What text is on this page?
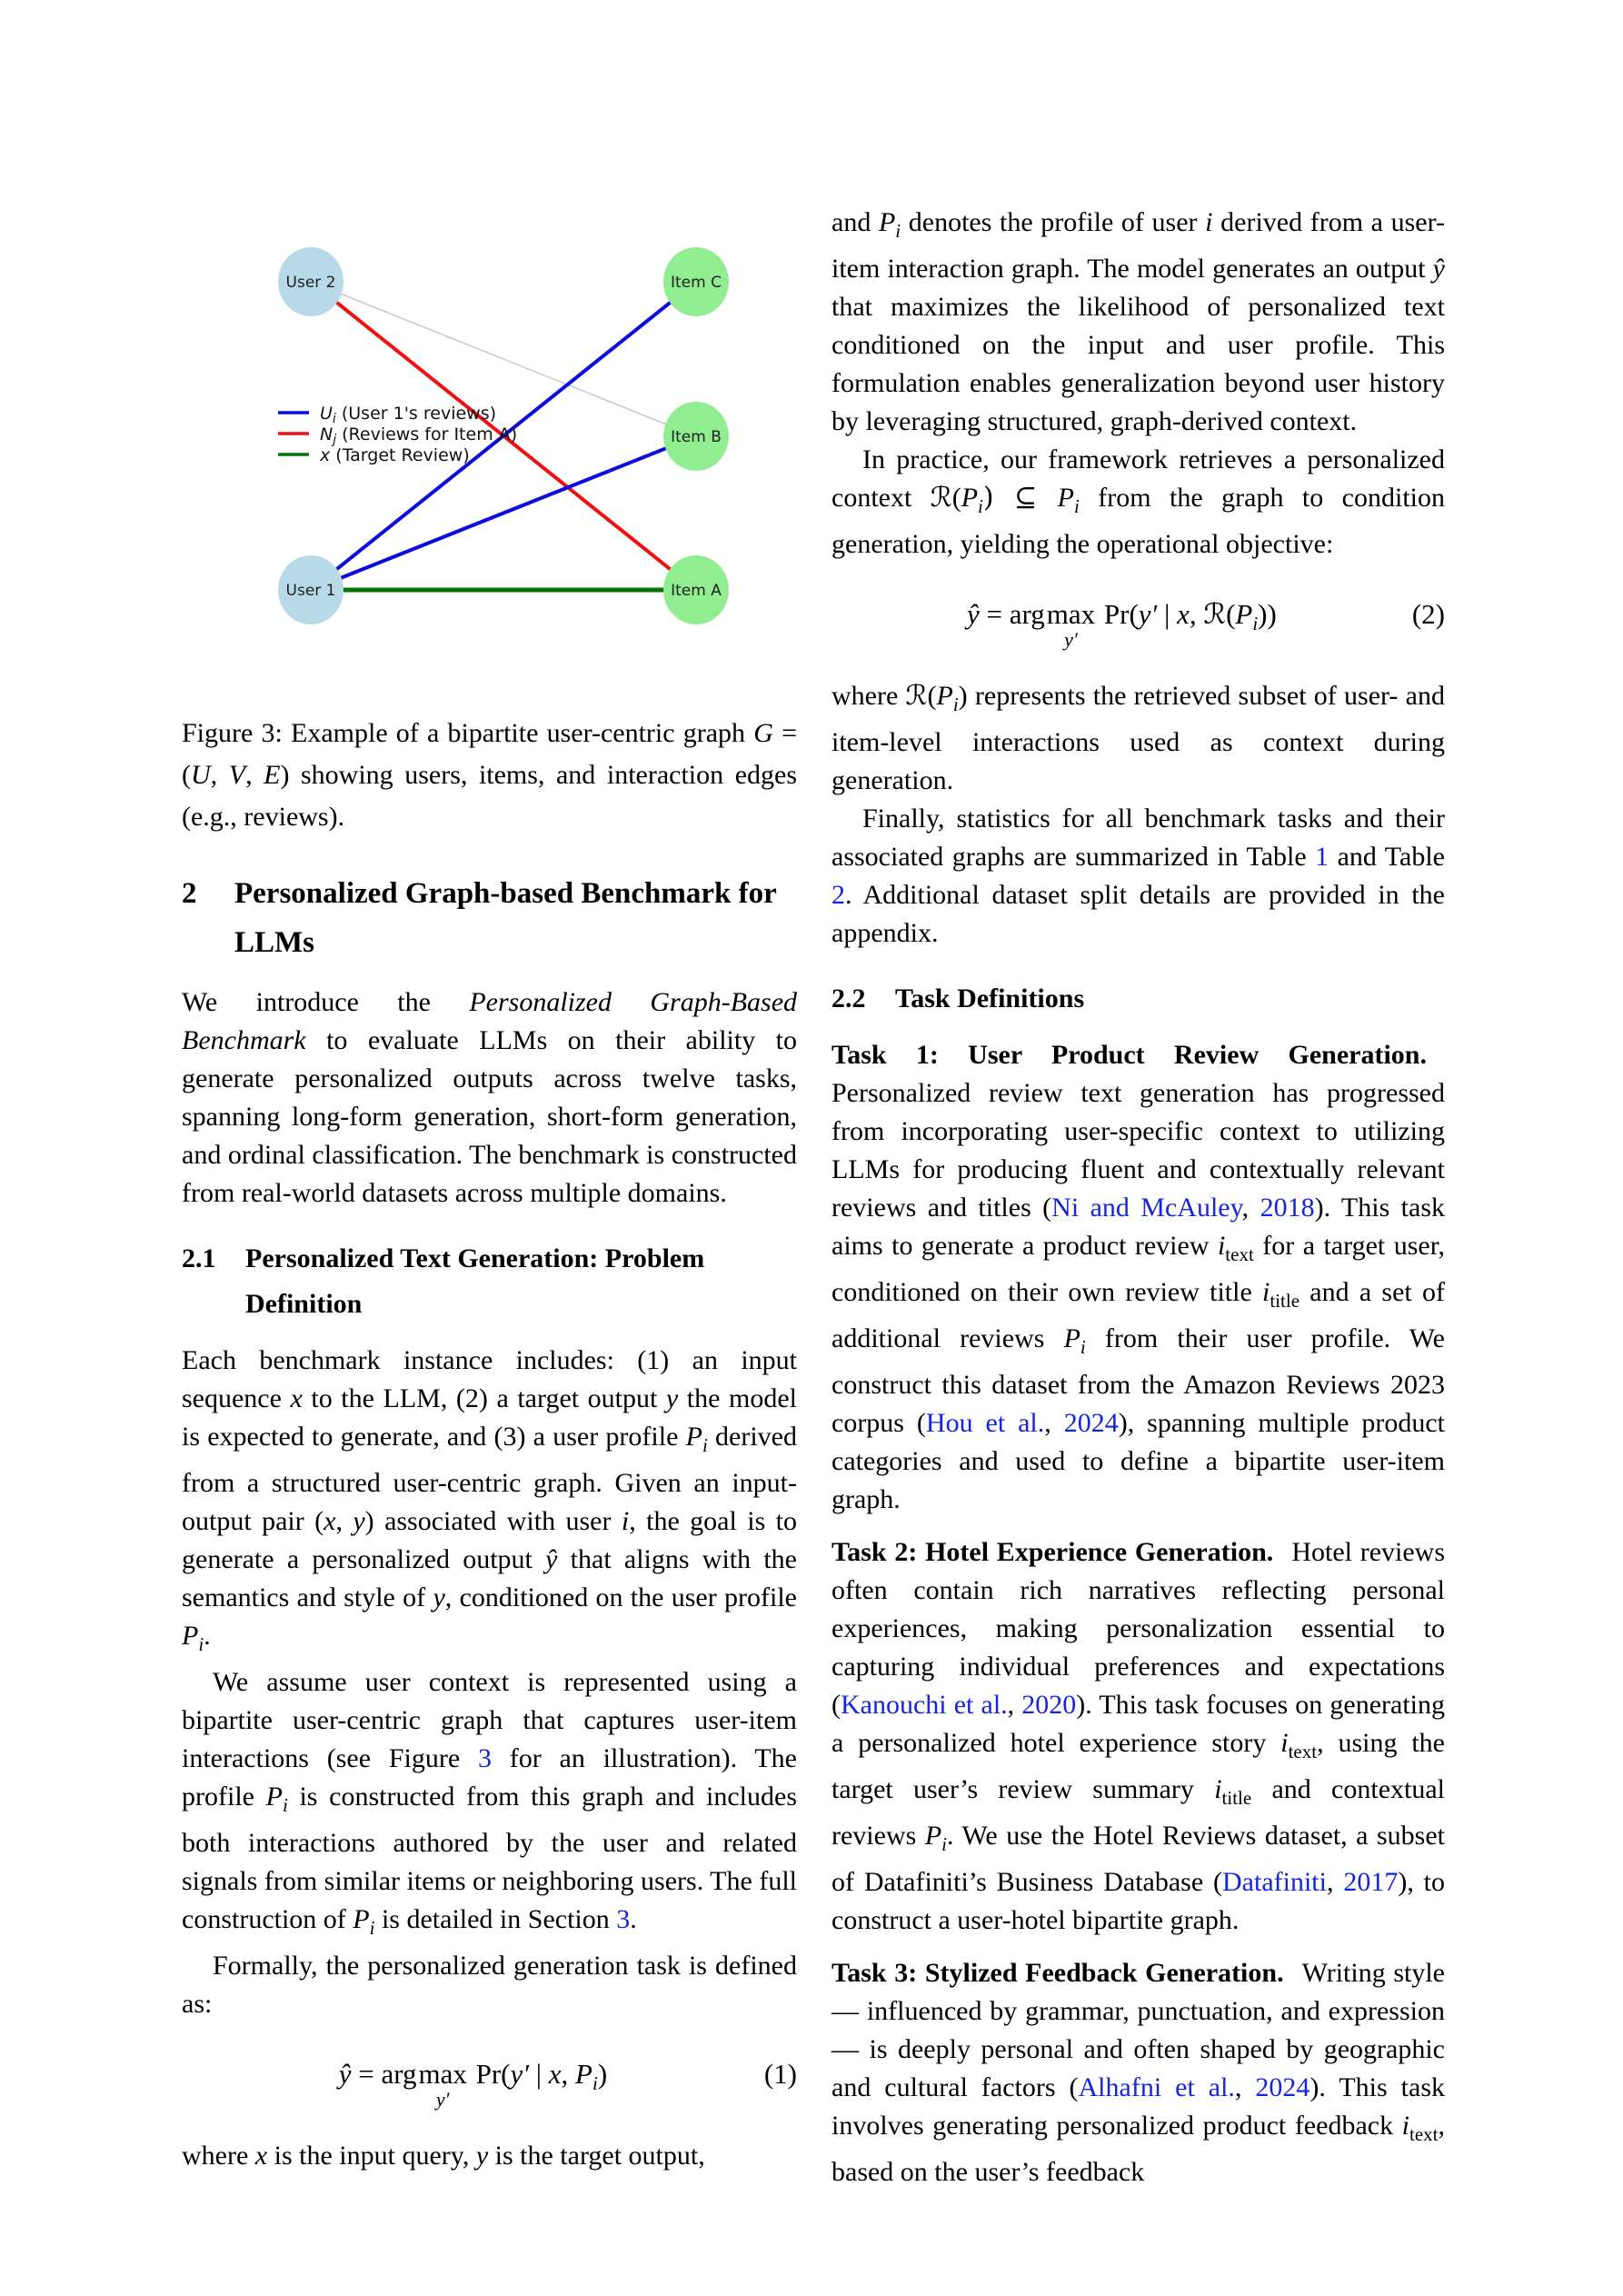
User 2	Item C
Item B
User 1	Item A
$U_i$ (User 1's reviews)
$N_j$ (Reviews for Item A)
x (Target Review)

Figure 3: Example of a bipartite user-centric graph G = (U, V, E) showing users, items, and interaction edges (e.g., reviews).

2	Personalized Graph-based Benchmark for LLMs

We introduce the Personalized Graph-Based Benchmark to evaluate LLMs on their ability to generate personalized outputs across twelve tasks, spanning long-form generation, short-form generation, and ordinal classification. The benchmark is constructed from real-world datasets across multiple domains.

2.1	Personalized Text Generation: Problem Definition

Each benchmark instance includes: (1) an input sequence x to the LLM, (2) a target output y the model is expected to generate, and (3) a user profile $P_i$ derived from a structured user-centric graph. Given an input-output pair (x, y) associated with user i, the goal is to generate a personalized output ŷ that aligns with the semantics and style of y, conditioned on the user profile $P_i$.

We assume user context is represented using a bipartite user-centric graph that captures user-item interactions (see Figure 3 for an illustration). The profile $P_i$ is constructed from this graph and includes both interactions authored by the user and related signals from similar items or neighboring users. The full construction of $P_i$ is detailed in Section 3.

Formally, the personalized generation task is defined as:

ŷ = argmax
y′
Pr(y′ | x, $P_i$)	(1)

where x is the input query, y is the target output,

and $P_i$ denotes the profile of user i derived from a user-item interaction graph. The model generates an output ŷ that maximizes the likelihood of personalized text conditioned on the input and user profile. This formulation enables generalization beyond user history by leveraging structured, graph-derived context.

In practice, our framework retrieves a personalized context $ℛ(P_i)$ ⊆ $P_i$ from the graph to condition generation, yielding the operational objective:

ŷ = argmax
y′
Pr(y′ | x, $ℛ(P_i)$)	(2)

where $ℛ(P_i)$ represents the retrieved subset of user- and item-level interactions used as context during generation.

Finally, statistics for all benchmark tasks and their associated graphs are summarized in Table 1 and Table 2. Additional dataset split details are provided in the appendix.

2.2	Task Definitions

Task 1: User Product Review Generation.Personalized review text generation has progressed from incorporating user-specific context to utilizing LLMs for producing fluent and contextually relevant reviews and titles (Ni and McAuley, 2018). This task aims to generate a product review $i_{text}$ for a target user, conditioned on their own review title $i_{title}$ and a set of additional reviews $P_i$ from their user profile. We construct this dataset from the Amazon Reviews 2023 corpus (Hou et al., 2024), spanning multiple product categories and used to define a bipartite user-item graph.

Task 2: Hotel Experience Generation. Hotel reviews often contain rich narratives reflecting personal experiences, making personalization essential to capturing individual preferences and expectations (Kanouchi et al., 2020). This task focuses on generating a personalized hotel experience story $i_{text}$, using the target user’s review summary $i_{title}$ and contextual reviews $P_i$. We use the Hotel Reviews dataset, a subset of Datafiniti’s Business Database (Datafiniti, 2017), to construct a user-hotel bipartite graph.

Task 3: Stylized Feedback Generation. Writing style — influenced by grammar, punctuation, and expression — is deeply personal and often shaped by geographic and cultural factors (Alhafni et al., 2024). This task involves generating personalized product feedback $i_{text}$, based on the user’s feedback
